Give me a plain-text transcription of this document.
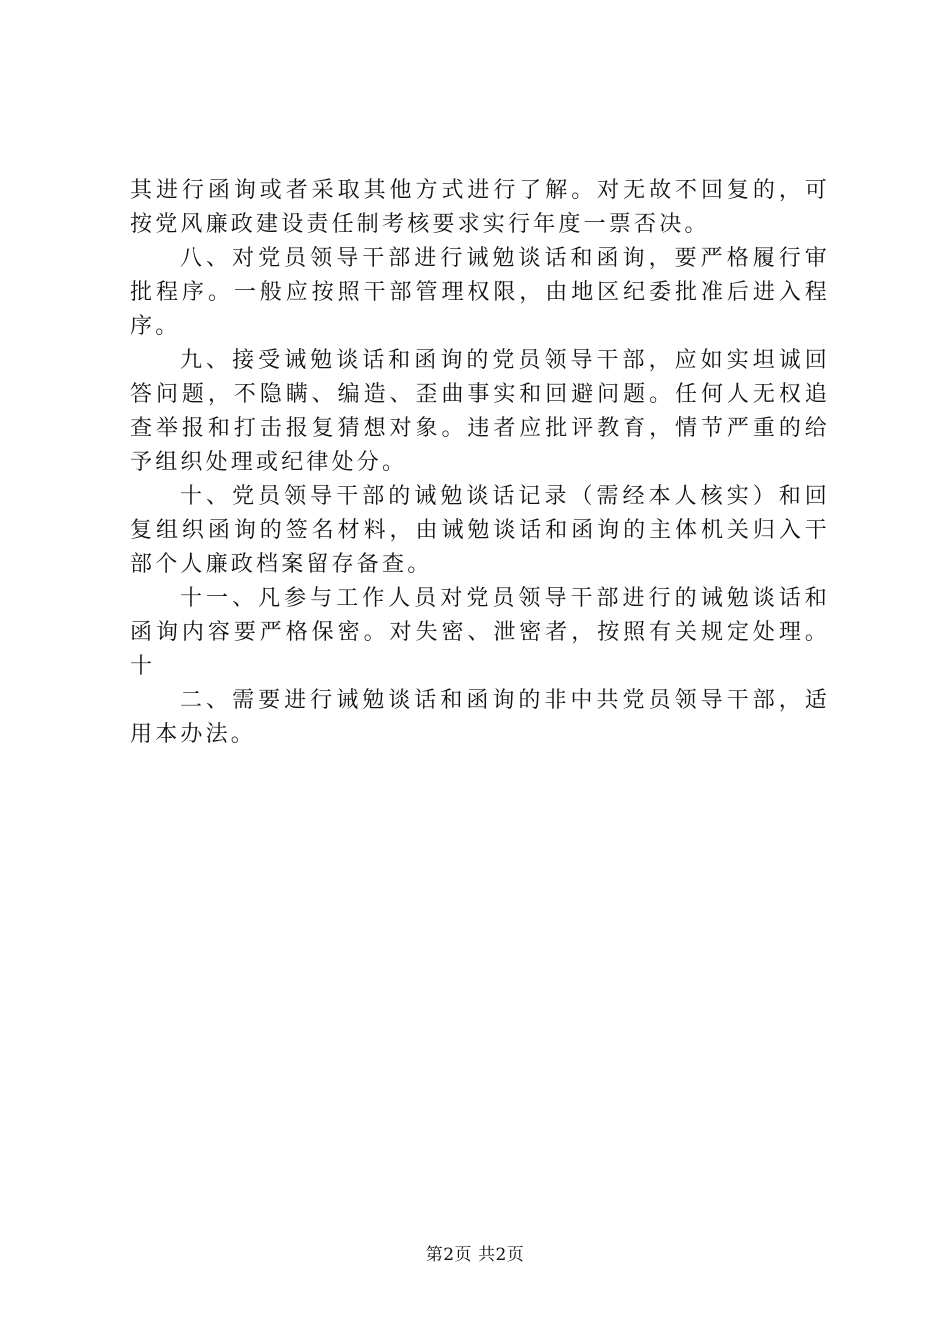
其进行函询或者采取其他方式进行了解。对无故不回复的，可按党风廉政建设责任制考核要求实行年度一票否决。

八、对党员领导干部进行诫勉谈话和函询，要严格履行审批程序。一般应按照干部管理权限，由地区纪委批准后进入程序。

九、接受诫勉谈话和函询的党员领导干部，应如实坦诚回答问题，不隐瞒、编造、歪曲事实和回避问题。任何人无权追查举报和打击报复猜想对象。违者应批评教育，情节严重的给予组织处理或纪律处分。

十、党员领导干部的诫勉谈话记录（需经本人核实）和回复组织函询的签名材料，由诫勉谈话和函询的主体机关归入干部个人廉政档案留存备查。

十一、凡参与工作人员对党员领导干部进行的诫勉谈话和函询内容要严格保密。对失密、泄密者，按照有关规定处理。十

二、需要进行诫勉谈话和函询的非中共党员领导干部，适用本办法。

第2页 共2页
